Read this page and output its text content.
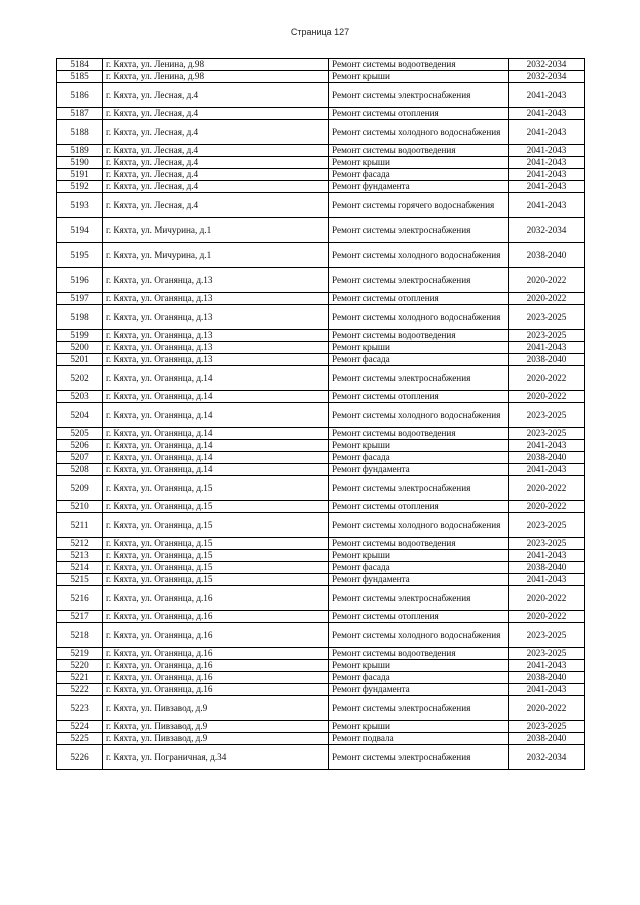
Страница 127
5184	г. Кяхта, ул. Ленина, д.98	Ремонт системы водоотведения	2032-2034
5185	г. Кяхта, ул. Ленина, д.98	Ремонт крыши	2032-2034
5186	г. Кяхта, ул. Лесная, д.4	Ремонт системы электроснабжения	2041-2043
5187	г. Кяхта, ул. Лесная, д.4	Ремонт системы отопления	2041-2043
5188	г. Кяхта, ул. Лесная, д.4	Ремонт системы холодного водоснабжения	2041-2043
5189	г. Кяхта, ул. Лесная, д.4	Ремонт системы водоотведения	2041-2043
5190	г. Кяхта, ул. Лесная, д.4	Ремонт крыши	2041-2043
5191	г. Кяхта, ул. Лесная, д.4	Ремонт фасада	2041-2043
5192	г. Кяхта, ул. Лесная, д.4	Ремонт фундамента	2041-2043
5193	г. Кяхта, ул. Лесная, д.4	Ремонт системы горячего водоснабжения	2041-2043
5194	г. Кяхта, ул. Мичурина, д.1	Ремонт системы электроснабжения	2032-2034
5195	г. Кяхта, ул. Мичурина, д.1	Ремонт системы холодного водоснабжения	2038-2040
5196	г. Кяхта, ул. Оганянца, д.13	Ремонт системы электроснабжения	2020-2022
5197	г. Кяхта, ул. Оганянца, д.13	Ремонт системы отопления	2020-2022
5198	г. Кяхта, ул. Оганянца, д.13	Ремонт системы холодного водоснабжения	2023-2025
5199	г. Кяхта, ул. Оганянца, д.13	Ремонт системы водоотведения	2023-2025
5200	г. Кяхта, ул. Оганянца, д.13	Ремонт крыши	2041-2043
5201	г. Кяхта, ул. Оганянца, д.13	Ремонт фасада	2038-2040
5202	г. Кяхта, ул. Оганянца, д.14	Ремонт системы электроснабжения	2020-2022
5203	г. Кяхта, ул. Оганянца, д.14	Ремонт системы отопления	2020-2022
5204	г. Кяхта, ул. Оганянца, д.14	Ремонт системы холодного водоснабжения	2023-2025
5205	г. Кяхта, ул. Оганянца, д.14	Ремонт системы водоотведения	2023-2025
5206	г. Кяхта, ул. Оганянца, д.14	Ремонт крыши	2041-2043
5207	г. Кяхта, ул. Оганянца, д.14	Ремонт фасада	2038-2040
5208	г. Кяхта, ул. Оганянца, д.14	Ремонт фундамента	2041-2043
5209	г. Кяхта, ул. Оганянца, д.15	Ремонт системы электроснабжения	2020-2022
5210	г. Кяхта, ул. Оганянца, д.15	Ремонт системы отопления	2020-2022
5211	г. Кяхта, ул. Оганянца, д.15	Ремонт системы холодного водоснабжения	2023-2025
5212	г. Кяхта, ул. Оганянца, д.15	Ремонт системы водоотведения	2023-2025
5213	г. Кяхта, ул. Оганянца, д.15	Ремонт крыши	2041-2043
5214	г. Кяхта, ул. Оганянца, д.15	Ремонт фасада	2038-2040
5215	г. Кяхта, ул. Оганянца, д.15	Ремонт фундамента	2041-2043
5216	г. Кяхта, ул. Оганянца, д.16	Ремонт системы электроснабжения	2020-2022
5217	г. Кяхта, ул. Оганянца, д.16	Ремонт системы отопления	2020-2022
5218	г. Кяхта, ул. Оганянца, д.16	Ремонт системы холодного водоснабжения	2023-2025
5219	г. Кяхта, ул. Оганянца, д.16	Ремонт системы водоотведения	2023-2025
5220	г. Кяхта, ул. Оганянца, д.16	Ремонт крыши	2041-2043
5221	г. Кяхта, ул. Оганянца, д.16	Ремонт фасада	2038-2040
5222	г. Кяхта, ул. Оганянца, д.16	Ремонт фундамента	2041-2043
5223	г. Кяхта, ул. Пивзавод, д.9	Ремонт системы электроснабжения	2020-2022
5224	г. Кяхта, ул. Пивзавод, д.9	Ремонт крыши	2023-2025
5225	г. Кяхта, ул. Пивзавод, д.9	Ремонт подвала	2038-2040
5226	г. Кяхта, ул. Пограничная, д.34	Ремонт системы электроснабжения	2032-2034
